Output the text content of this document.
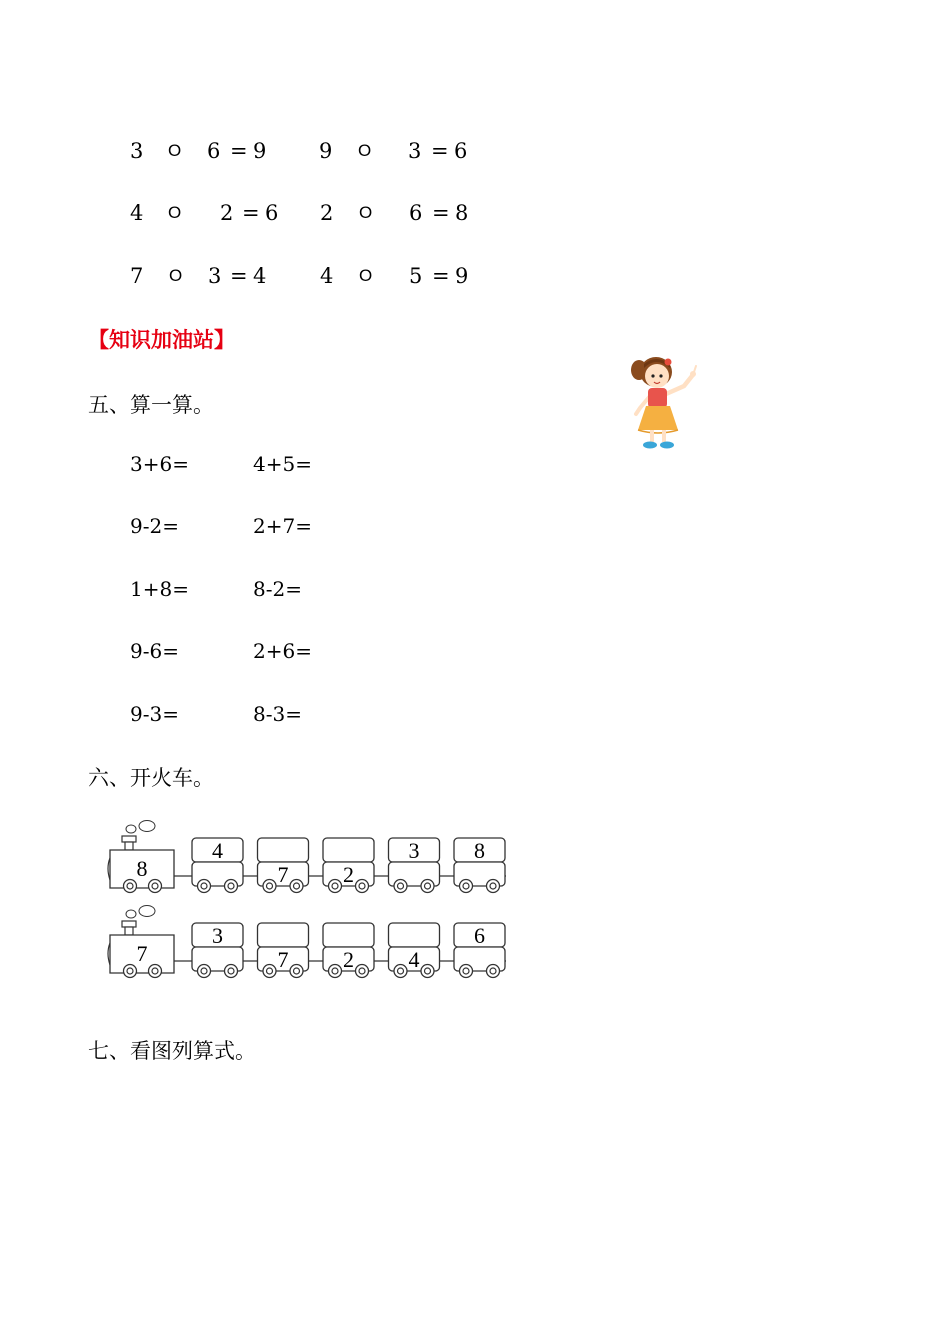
3 O 6 = 9	9 O 3 = 6
4 O 2 = 6 2 O 6 = 8
7 O 3 = 4	4 O 5 = 9
【知识加油站】
五、算一算。
3+6=	4+5=
9-2=	2+7=
1+8=	8-2=
9-6=	2+6=
9-3=	8-3=
六、开火车。
8
4
7 2
3 8
7
3
7 2 4
6
七、看图列算式。
